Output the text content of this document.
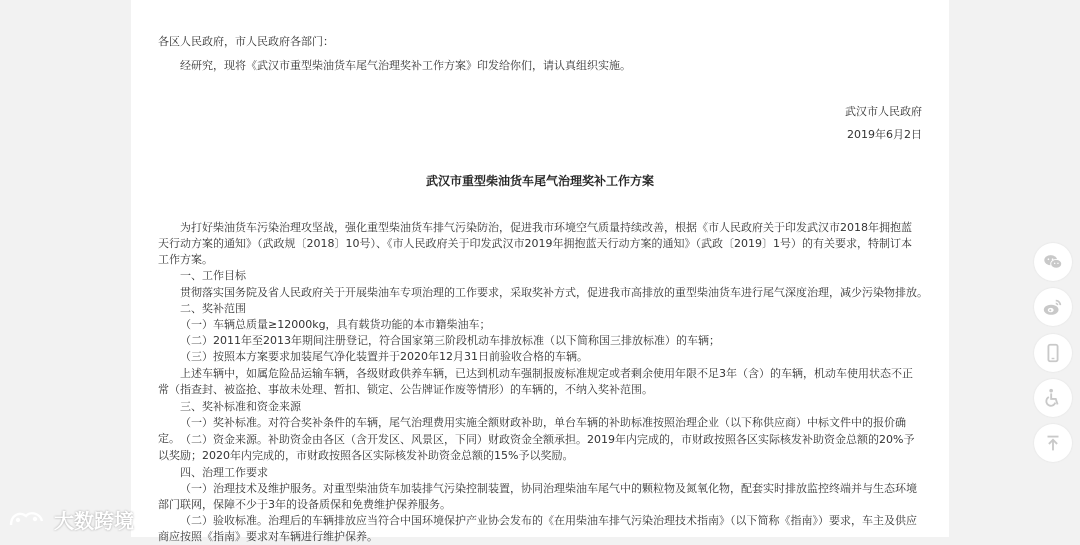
各区人民政府，市人民政府各部门：
经研究，现将《武汉市重型柴油货车尾气治理奖补工作方案》印发给你们，请认真组织实施。
武汉市人民政府
2019年6月2日
武汉市重型柴油货车尾气治理奖补工作方案
为打好柴油货车污染治理攻坚战，强化重型柴油货车排气污染防治，促进我市环境空气质量持续改善，根据《市人民政府关于印发武汉市2018年拥抱蓝天行动方案的通知》（武政规〔2018〕10号）、《市人民政府关于印发武汉市2019年拥抱蓝天行动方案的通知》（武政〔2019〕1号）的有关要求，特制订本工作方案。
一、工作目标
贯彻落实国务院及省人民政府关于开展柴油车专项治理的工作要求，采取奖补方式，促进我市高排放的重型柴油货车进行尾气深度治理，减少污染物排放。
二、奖补范围
（一）车辆总质量≥12000kg，具有载货功能的本市籍柴油车；
（二）2011年至2013年期间注册登记，符合国家第三阶段机动车排放标准（以下简称国三排放标准）的车辆；
（三）按照本方案要求加装尾气净化装置并于2020年12月31日前验收合格的车辆。
上述车辆中，如属危险品运输车辆，各级财政供养车辆，已达到机动车强制报废标准规定或者剩余使用年限不足3年（含）的车辆，机动车使用状态不正常（指查封、被盗抢、事故未处理、暂扣、锁定、公告牌证作废等情形）的车辆的，不纳入奖补范围。
三、奖补标准和资金来源
（一）奖补标准。对符合奖补条件的车辆，尾气治理费用实施全额财政补助，单台车辆的补助标准按照治理企业（以下称供应商）中标文件中的报价确定。 （二）资金来源。补助资金由各区（含开发区、风景区，下同）财政资金全额承担。2019年内完成的，市财政按照各区实际核发补助资金总额的20%予以奖励；2020年内完成的，市财政按照各区实际核发补助资金总额的15%予以奖励。
四、治理工作要求
（一）治理技术及维护服务。对重型柴油货车加装排气污染控制装置，协同治理柴油车尾气中的颗粒物及氮氧化物，配套实时排放监控终端并与生态环境部门联网，保障不少于3年的设备质保和免费维护保养服务。
（二）验收标准。治理后的车辆排放应当符合中国环境保护产业协会发布的《在用柴油车排气污染治理技术指南》（以下简称《指南》）要求，车主及供应商应按照《指南》要求对车辆进行维护保养。
大数跨境
